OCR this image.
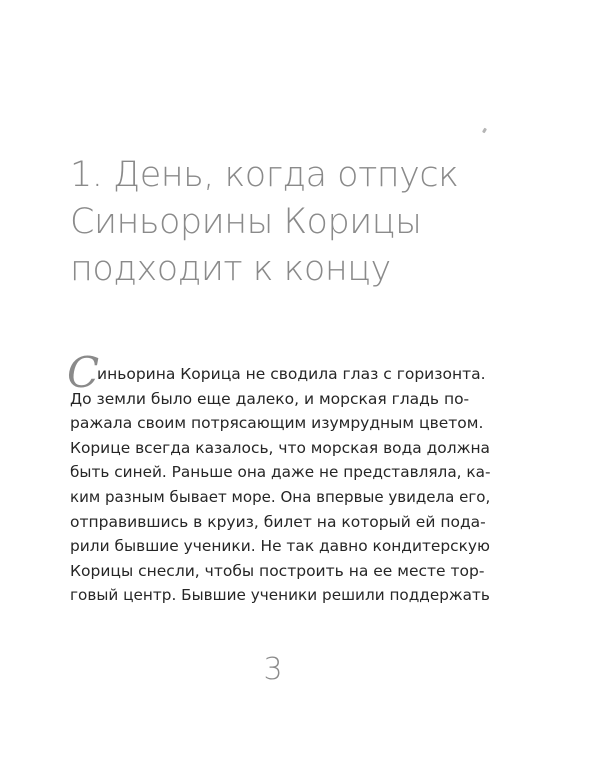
1. День, когда отпуск
Синьорины Корицы
подходит к концу
С
иньорина Корица не сводила глаз с горизонта.
До земли было еще далеко, и морская гладь по-
ражала своим потрясающим изумрудным цветом.
Корице всегда казалось, что морская вода должна
быть синей. Раньше она даже не представляла, ка-
ким разным бывает море. Она впервые увидела его,
отправившись в круиз, билет на который ей пода-
рили бывшие ученики. Не так давно кондитерскую
Корицы снесли, чтобы построить на ее месте тор-
говый центр. Бывшие ученики решили поддержать
3
